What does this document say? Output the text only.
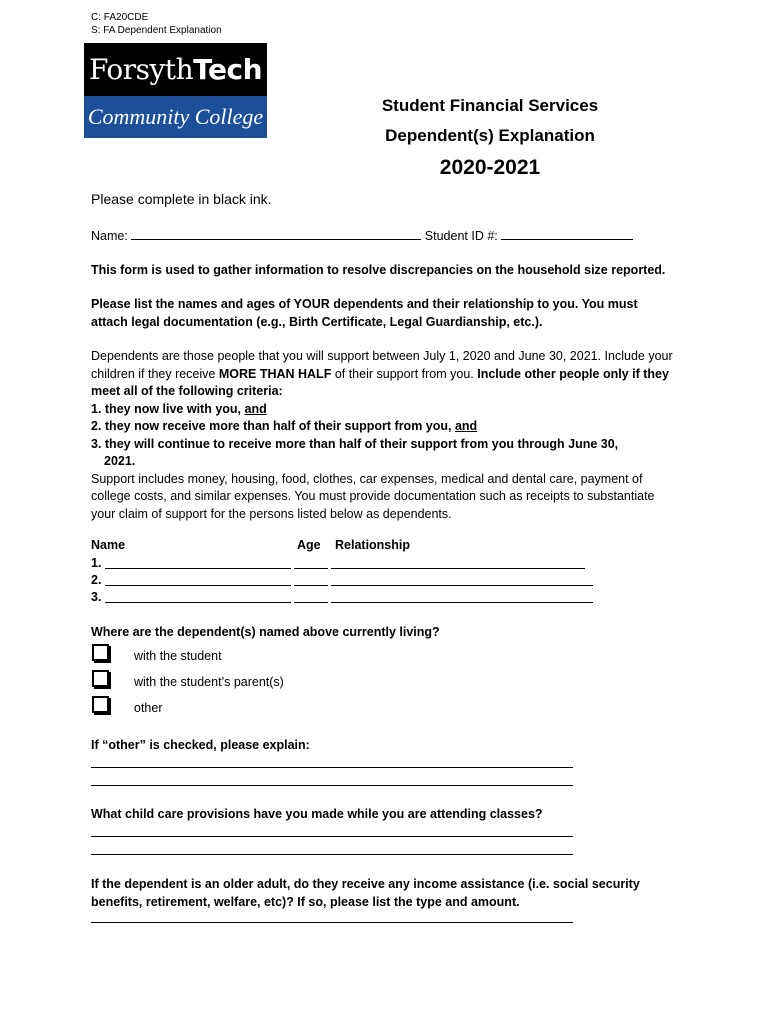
C: FA20CDE
S: FA Dependent Explanation
Forsyth Tech
Community College	Student Financial Services
Dependent(s) Explanation
2020-2021
Please complete in black ink.
Name:	Student ID #:
This form is used to gather information to resolve discrepancies on the household size reported.
Please list the names and ages of YOUR dependents and their relationship to you. You must attach legal documentation (e.g., Birth Certificate, Legal Guardianship, etc.).
Dependents are those people that you will support between July 1, 2020 and June 30, 2021. Include your children if they receive MORE THAN HALF of their support from you. Include other people only if they meet all of the following criteria:
1. they now live with you, and
2. they now receive more than half of their support from you, and

3. they will continue to receive more than half of their support from you through June 30, 2021.
Support includes money, housing, food, clothes, car expenses, medical and dental care, payment of college costs, and similar expenses. You must provide documentation such as receipts to substantiate your claim of support for the persons listed below as dependents.
Name	Age Relationship
1.
2.
3.
Where are the dependent(s) named above currently living?
with the student
with the student’s parent(s)
other
If “other” is checked, please explain:
What child care provisions have you made while you are attending classes?
If the dependent is an older adult, do they receive any income assistance (i.e. social security benefits, retirement, welfare, etc)? If so, please list the type and amount.
